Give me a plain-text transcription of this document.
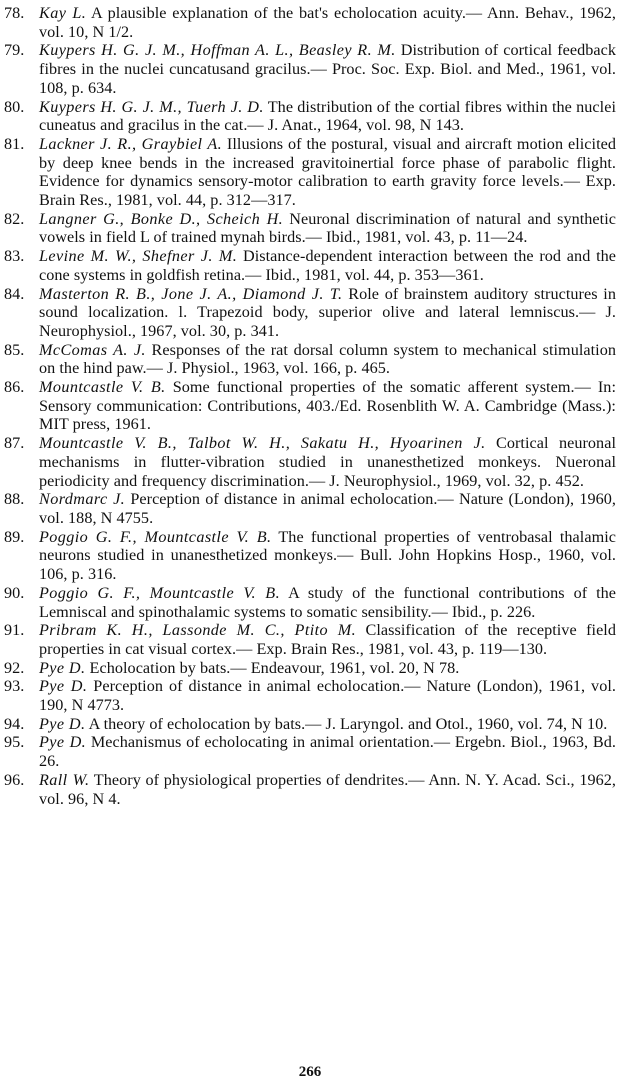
78. Kay L. A plausible explanation of the bat's echolocation acuity.— Ann. Behav., 1962, vol. 10, N 1/2.
79. Kuypers H. G. J. M., Hoffman A. L., Beasley R. M. Distribution of cortical feedback fibres in the nuclei cuncatusand gracilus.— Proc. Soc. Exp. Biol. and Med., 1961, vol. 108, p. 634.
80. Kuypers H. G. J. M., Tuerh J. D. The distribution of the cortial fibres within the nuclei cuneatus and gracilus in the cat.— J. Anat., 1964, vol. 98, N 143.
81. Lackner J. R., Graybiel A. Illusions of the postural, visual and aircraft motion elicited by deep knee bends in the increased gravitoinertial force phase of parabolic flight. Evidence for dynamics sensory-motor calibration to earth gravity force levels.— Exp. Brain Res., 1981, vol. 44, p. 312—317.
82. Langner G., Bonke D., Scheich H. Neuronal discrimination of natural and synthetic vowels in field L of trained mynah birds.— Ibid., 1981, vol. 43, p. 11—24.
83. Levine M. W., Shefner J. M. Distance-dependent interaction between the rod and the cone systems in goldfish retina.— Ibid., 1981, vol. 44, p. 353—361.
84. Masterton R. B., Jone J. A., Diamond J. T. Role of brainstem auditory structures in sound localization. l. Trapezoid body, superior olive and lateral lemniscus.— J. Neurophysiol., 1967, vol. 30, p. 341.
85. McComas A. J. Responses of the rat dorsal column system to mechanical stimulation on the hind paw.— J. Physiol., 1963, vol. 166, p. 465.
86. Mountcastle V. B. Some functional properties of the somatic afferent system.— In: Sensory communication: Contributions, 403./Ed. Rosenblith W. A. Cambridge (Mass.): MIT press, 1961.
87. Mountcastle V. B., Talbot W. H., Sakatu H., Hyoarinen J. Cortical neuronal mechanisms in flutter-vibration studied in unanesthetized monkeys. Nueronal periodicity and frequency discrimination.— J. Neurophysiol., 1969, vol. 32, p. 452.
88. Nordmarc J. Perception of distance in animal echolocation.— Nature (London), 1960, vol. 188, N 4755.
89. Poggio G. F., Mountcastle V. B. The functional properties of ventrobasal thalamic neurons studied in unanesthetized monkeys.— Bull. John Hopkins Hosp., 1960, vol. 106, p. 316.
90. Poggio G. F., Mountcastle V. B. A study of the functional contributions of the Lemniscal and spinothalamic systems to somatic sensibility.— Ibid., p. 226.
91. Pribram K. H., Lassonde M. C., Ptito M. Classification of the receptive field properties in cat visual cortex.— Exp. Brain Res., 1981, vol. 43, p. 119—130.
92. Pye D. Echolocation by bats.— Endeavour, 1961, vol. 20, N 78.
93. Pye D. Perception of distance in animal echolocation.— Nature (London), 1961, vol. 190, N 4773.
94. Pye D. A theory of echolocation by bats.— J. Laryngol. and Otol., 1960, vol. 74, N 10.
95. Pye D. Mechanismus of echolocating in animal orientation.— Ergebn. Biol., 1963, Bd. 26.
96. Rall W. Theory of physiological properties of dendrites.— Ann. N. Y. Acad. Sci., 1962, vol. 96, N 4.
266
